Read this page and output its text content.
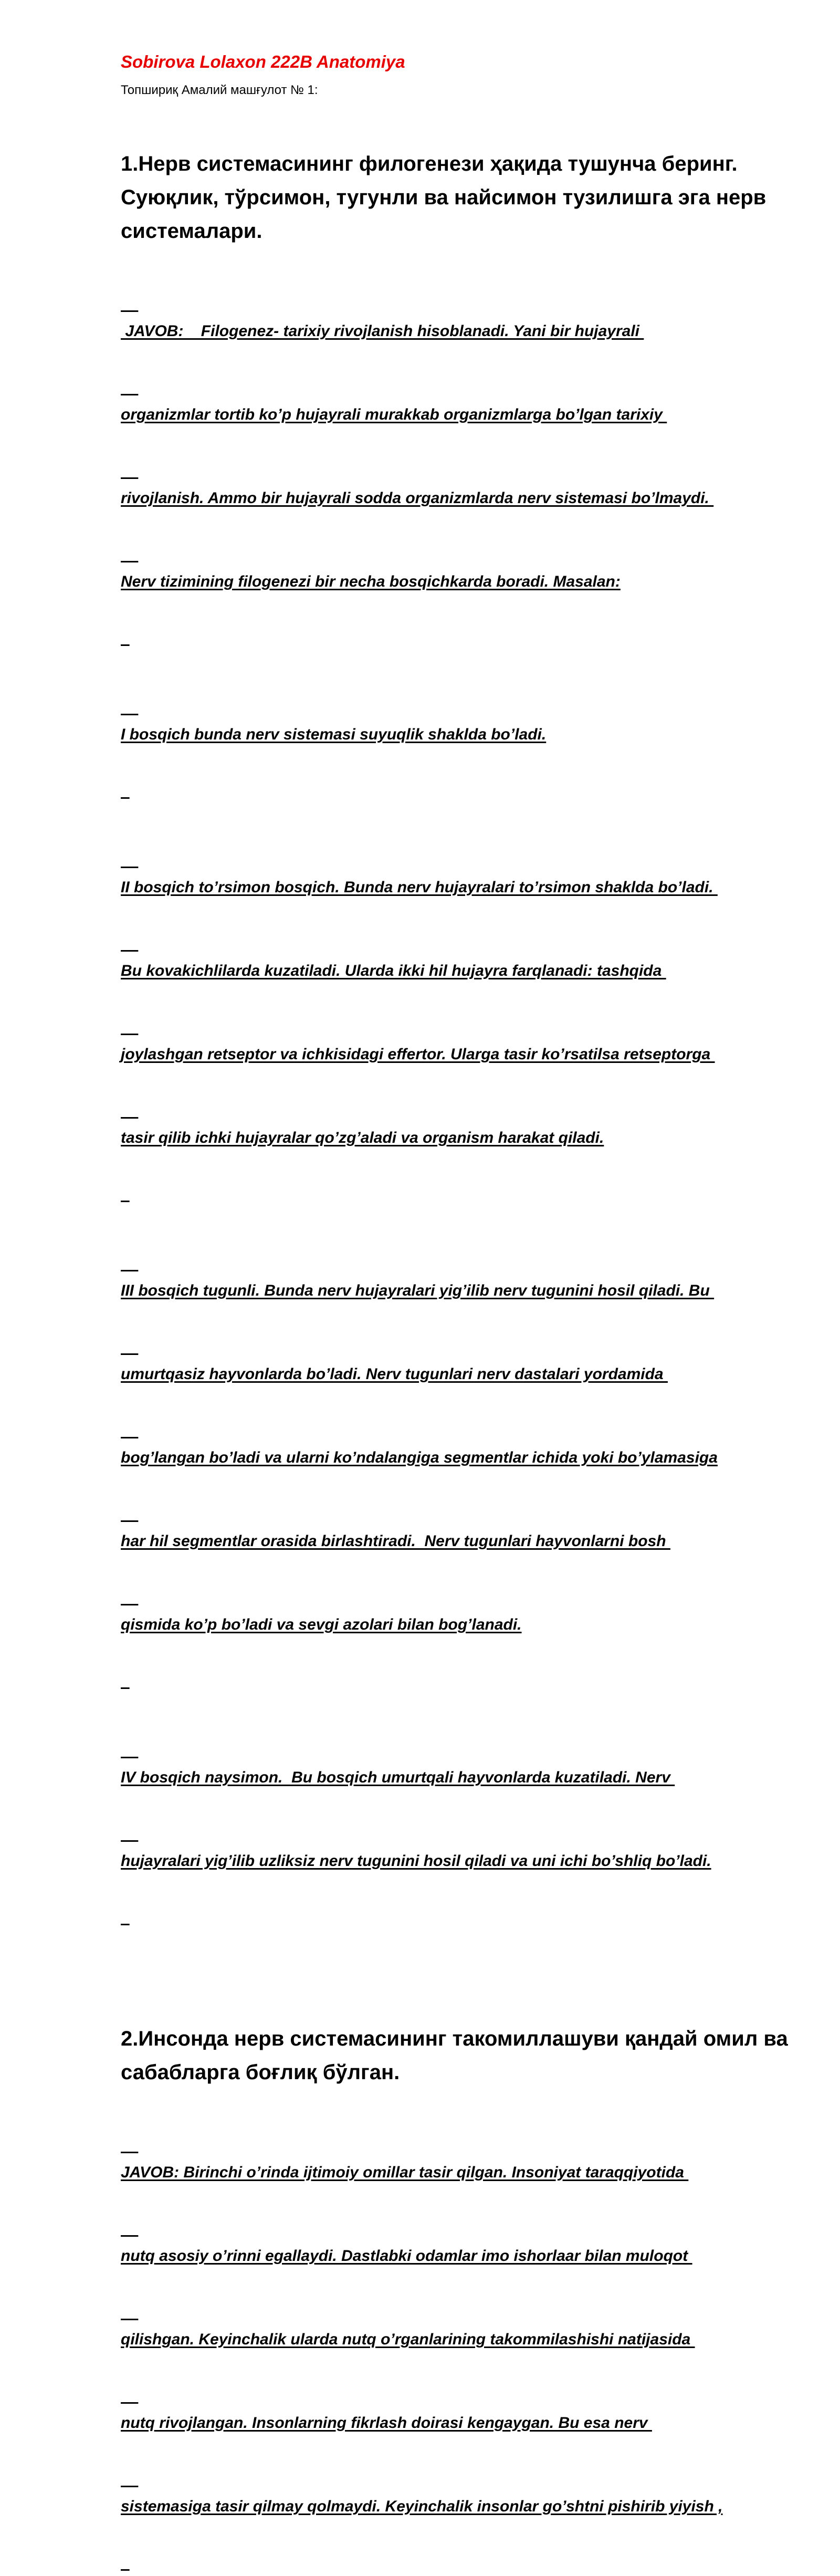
Sobirova Lolaxon 222B Anatomiya

Топшириқ Амалий машғулот № 1:

1.Нерв системасининг филогенези ҳақида тушунча беринг. Суюқлик, тўрсимон, тугунли ва найсимон тузилишга эга нерв системалари.

JAVOB:    Filogenez- tarixiy rivojlanish hisoblanadi. Yani bir hujayrali

organizmlar tortib ko’p hujayrali murakkab organizmlarga bo’lgan tarixiy

rivojlanish. Ammo bir hujayrali sodda organizmlarda nerv sistemasi bo’lmaydi.

Nerv tizimining filogenezi bir necha bosqichkarda boradi. Masalan:

I bosqich bunda nerv sistemasi suyuqlik shaklda bo’ladi.

II bosqich to’rsimon bosqich. Bunda nerv hujayralari to’rsimon shaklda bo’ladi.

Bu kovakichlilarda kuzatiladi. Ularda ikki hil hujayra farqlanadi: tashqida

joylashgan retseptor va ichkisidagi effertor. Ularga tasir ko’rsatilsa retseptorga

tasir qilib ichki hujayralar qo’zg’aladi va organism harakat qiladi.

III bosqich tugunli. Bunda nerv hujayralari yig’ilib nerv tugunini hosil qiladi. Bu

umurtqasiz hayvonlarda bo’ladi. Nerv tugunlari nerv dastalari yordamida

bog’langan bo’ladi va ularni ko’ndalangiga segmentlar ichida yoki bo’ylamasiga

har hil segmentlar orasida birlashtiradi.  Nerv tugunlari hayvonlarni bosh

qismida ko’p bo’ladi va sevgi azolari bilan bog’lanadi.

IV bosqich naysimon.  Bu bosqich umurtqali hayvonlarda kuzatiladi. Nerv

hujayralari yig’ilib uzliksiz nerv tugunini hosil qiladi va uni ichi bo’shliq bo’ladi.

2.Инсонда нерв системасининг такомиллашуви қандай омил ва сабабларга боғлиқ бўлган.

JAVOB: Birinchi o’rinda ijtimoiy omillar tasir qilgan. Insoniyat taraqqiyotida

nutq asosiy o’rinni egallaydi. Dastlabki odamlar imo ishorlaar bilan muloqot

qilishgan. Keyinchalik ularda nutq o’rganlarining takommilashishi natijasida

nutq rivojlangan. Insonlarning fikrlash doirasi kengaygan. Bu esa nerv

sistemasiga tasir qilmay qolmaydi. Keyinchalik insonlar go’shtni pishirib yiyish ,
